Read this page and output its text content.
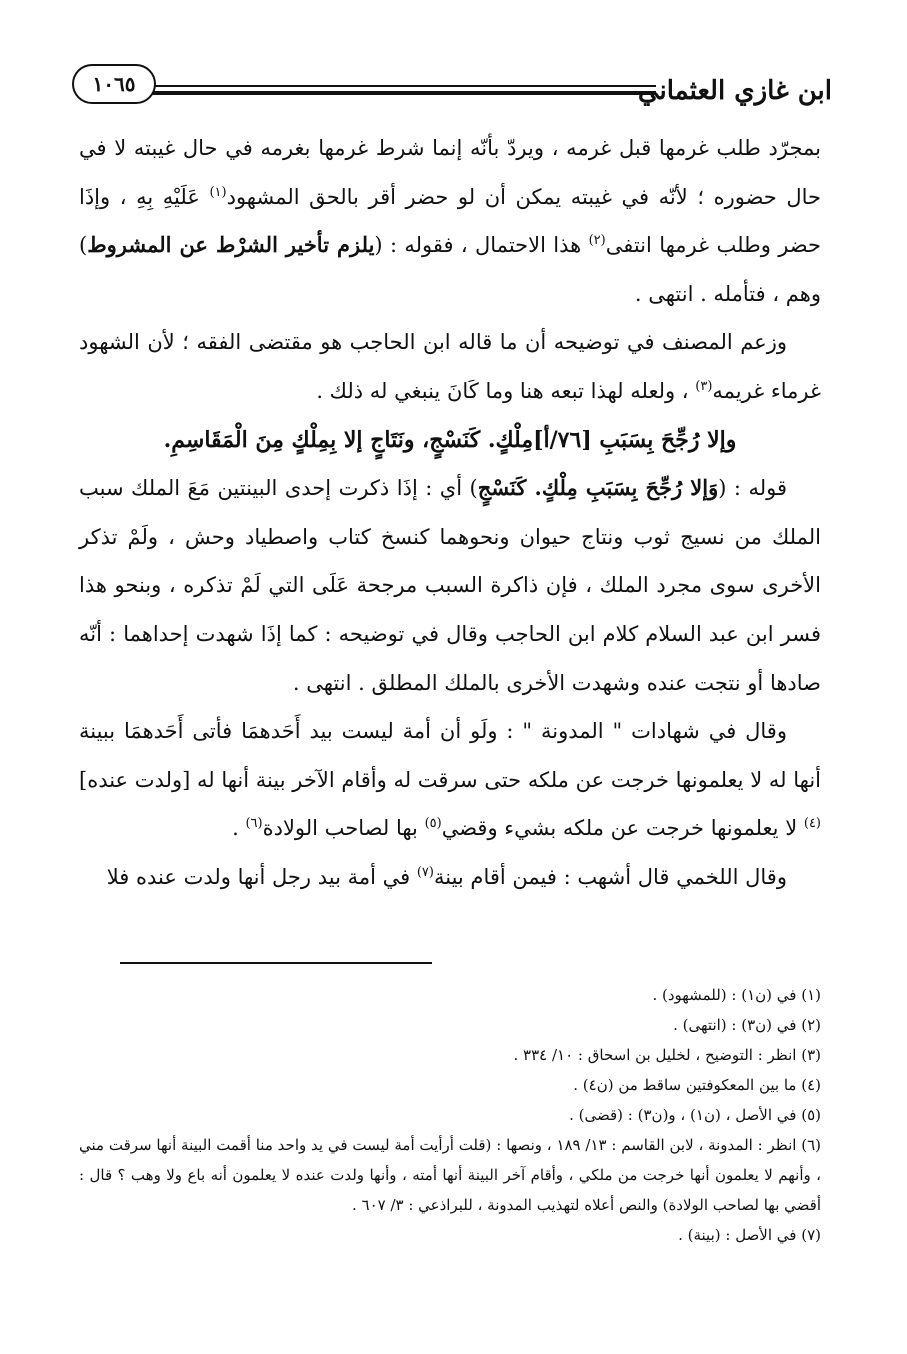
ابن غازي العثماني
١٠٦٥

بمجرّد طلب غرمها قبل غرمه ، ويردّ بأنّه إنما شرط غرمها بغرمه في حال غيبته لا في حال حضوره ؛ لأنّه في غيبته يمكن أن لو حضر أقر بالحق المشهود$^{(١)}$ عَلَيْهِ بِهِ ، وإذَا حضر وطلب غرمها انتفى$^{(٢)}$ هذا الاحتمال ، فقوله : (يلزم تأخير الشرْط عن المشروط) وهم ، فتأمله . انتهى .

وزعم المصنف في توضيحه أن ما قاله ابن الحاجب هو مقتضى الفقه ؛ لأن الشهود غرماء غريمه$^{(٣)}$ ، ولعله لهذا تبعه هنا وما كَانَ ينبغي له ذلك .

وإلا رُجِّحَ بِسَبَبِ [٧٦/أ]مِلْكٍ. كَنَسْجٍ، ونَتَاجٍ إلا بِمِلْكٍ مِنَ الْمَقَاسِمِ.

قوله : (وَإلا رُجِّحَ بِسَبَبِ مِلْكٍ. كَنَسْجٍ) أي : إذَا ذكرت إحدى البينتين مَعَ الملك سبب الملك من نسيج ثوب ونتاج حيوان ونحوهما كنسخ كتاب واصطياد وحش ، ولَمْ تذكر الأخرى سوى مجرد الملك ، فإن ذاكرة السبب مرجحة عَلَى التي لَمْ تذكره ، وبنحو هذا فسر ابن عبد السلام كلام ابن الحاجب وقال في توضيحه : كما إذَا شهدت إحداهما : أنّه صادها أو نتجت عنده وشهدت الأخرى بالملك المطلق . انتهى .

وقال في شهادات " المدونة " : ولَو أن أمة ليست بيد أَحَدهمَا فأتى أَحَدهمَا ببينة أنها له لا يعلمونها خرجت عن ملكه حتى سرقت له وأقام الآخر بينة أنها له [ولدت عنده]$^{(٤)}$ لا يعلمونها خرجت عن ملكه بشيء وقضي$^{(٥)}$ بها لصاحب الولادة$^{(٦)}$ .

وقال اللخمي قال أشهب : فيمن أقام بينة$^{(٧)}$ في أمة بيد رجل أنها ولدت عنده فلا

(١) في (ن١) : (للمشهود) .

(٢) في (ن٣) : (انتهى) .

(٣) انظر : التوضيح ، لخليل بن اسحاق : ١٠/ ٣٣٤ .

(٤) ما بين المعكوفتين ساقط من (ن٤) .

(٥) في الأصل ، (ن١) ، و(ن٣) : (قضى) .

(٦) انظر : المدونة ، لابن القاسم : ١٣/ ١٨٩ ، ونصها : (قلت أرأيت أمة ليست في يد واحد منا أقمت البينة أنها سرقت مني ، وأنهم لا يعلمون أنها خرجت من ملكي ، وأقام آخر البينة أنها أمته ، وأنها ولدت عنده لا يعلمون أنه باع ولا وهب ؟ قال : أقضي بها لصاحب الولادة) والنص أعلاه لتهذيب المدونة ، للبراذعي : ٣/ ٦٠٧ .

(٧) في الأصل : (بينة) .
